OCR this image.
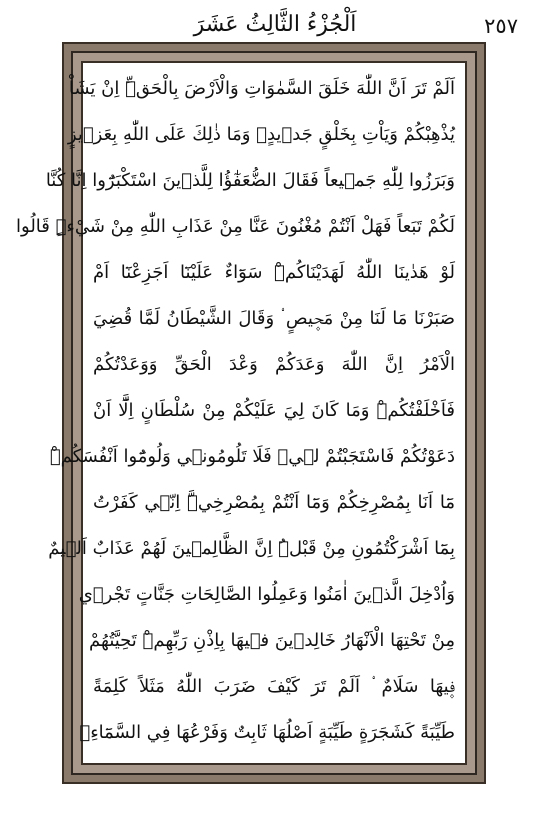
٢٥٧
اَلْجُزْءُ الثَّالِثُ عَشَرَ
اَلَمْ تَرَ اَنَّ اللّٰهَ خَلَقَ السَّمٰوَاتِ وَالْاَرْضَ بِالْحَقِّۜ اِنْ يَشَاْ
يُذْهِبْكُمْ وَيَاْتِ بِخَلْقٍ جَد۪يدٍۙ وَمَا ذٰلِكَ عَلَى اللّٰهِ بِعَز۪يزٍ
وَبَرَزُوا لِلّٰهِ جَم۪يعاً فَقَالَ الضُّعَفٰٓؤُا لِلَّذ۪ينَ اسْتَكْبَرُٓوا اِنَّا كُنَّا
لَكُمْ تَبَعاً فَهَلْ اَنْتُمْ مُغْنُونَ عَنَّا مِنْ عَذَابِ اللّٰهِ مِنْ شَيْءٍۜ قَالُوا
لَوْ هَدٰينَا اللّٰهُ لَهَدَيْنَاكُمْۜ سَوَٓاءٌ عَلَيْنَٓا اَجَزِعْنَٓا اَمْ
صَبَرْنَا مَا لَنَا مِنْ مَح۪يصٍ ۟ وَقَالَ الشَّيْطَانُ لَمَّا قُضِيَ
الْاَمْرُ اِنَّ اللّٰهَ وَعَدَكُمْ وَعْدَ الْحَقِّ وَوَعَدْتُكُمْ
فَاَخْلَفْتُكُمْۜ وَمَا كَانَ لِيَ عَلَيْكُمْ مِنْ سُلْطَانٍ اِلَّٓا اَنْ
دَعَوْتُكُمْ فَاسْتَجَبْتُمْ ل۪يۚ فَلَا تَلُومُون۪ي وَلُومُٓوا اَنْفُسَكُمْۜ
مَٓا اَنَا بِمُصْرِخِكُمْ وَمَٓا اَنْتُمْ بِمُصْرِخِيَّۜ اِنّ۪ي كَفَرْتُ
بِمَٓا اَشْرَكْتُمُونِ مِنْ قَبْلُۜ اِنَّ الظَّالِم۪ينَ لَهُمْ عَذَابٌ اَل۪يمٌ
وَاُدْخِلَ الَّذ۪ينَ اٰمَنُوا وَعَمِلُوا الصَّالِحَاتِ جَنَّاتٍ تَجْر۪ي
مِنْ تَحْتِهَا الْاَنْهَارُ خَالِد۪ينَ ف۪يهَا بِاِذْنِ رَبِّهِمْۜ تَحِيَّتُهُمْ
ف۪يهَا سَلَامٌ ۟ اَلَمْ تَرَ كَيْفَ ضَرَبَ اللّٰهُ مَثَلاً كَلِمَةً
طَيِّبَةً كَشَجَرَةٍ طَيِّبَةٍ اَصْلُهَا ثَابِتٌ وَفَرْعُهَا فِي السَّمَٓاءِۙ
